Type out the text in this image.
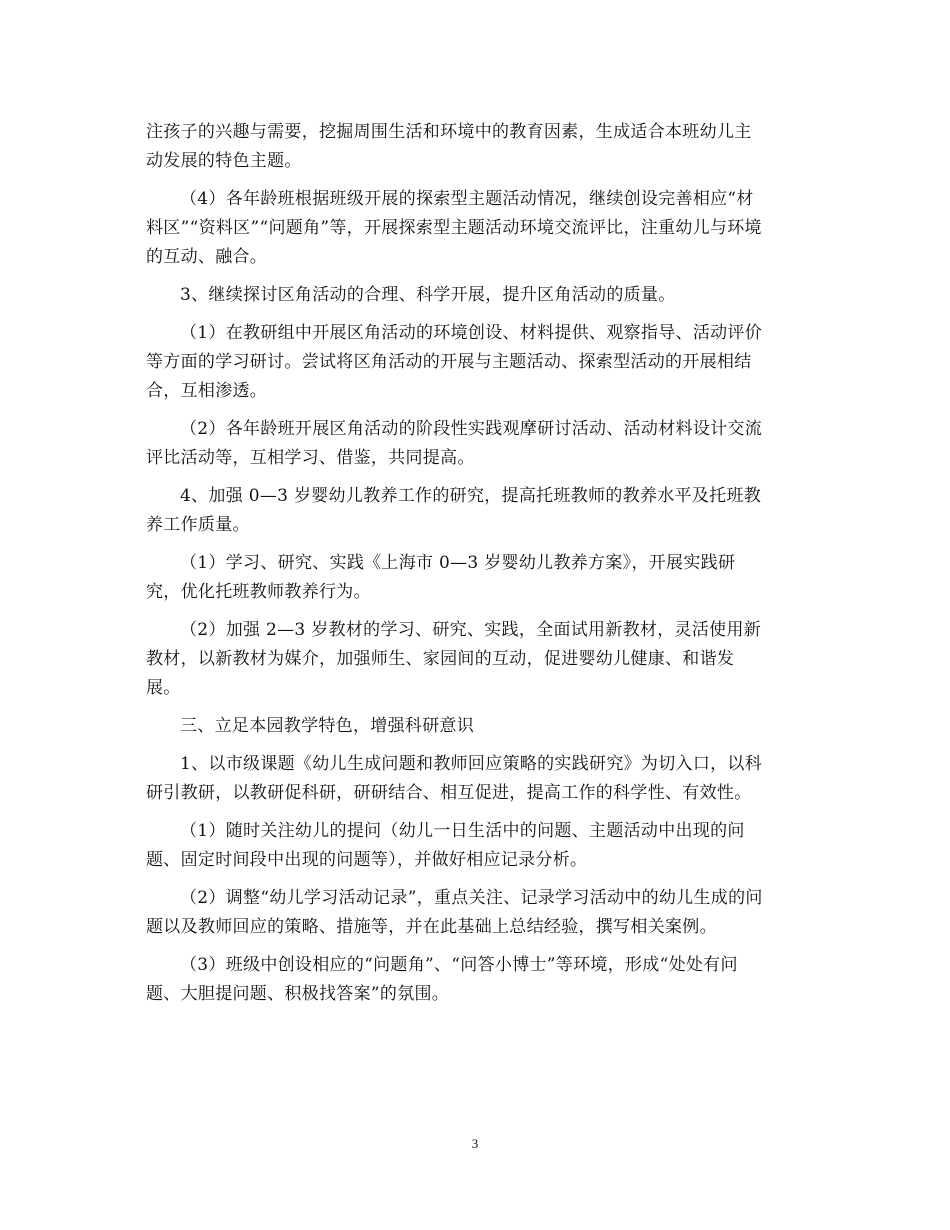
注孩子的兴趣与需要，挖掘周围生活和环境中的教育因素，生成适合本班幼儿主
动发展的特色主题。

（4）各年龄班根据班级开展的探索型主题活动情况，继续创设完善相应“材
料区”“资料区”“问题角”等，开展探索型主题活动环境交流评比，注重幼儿与环境
的互动、融合。

3、继续探讨区角活动的合理、科学开展，提升区角活动的质量。

（1）在教研组中开展区角活动的环境创设、材料提供、观察指导、活动评价
等方面的学习研讨。尝试将区角活动的开展与主题活动、探索型活动的开展相结
合，互相渗透。

（2）各年龄班开展区角活动的阶段性实践观摩研讨活动、活动材料设计交流
评比活动等，互相学习、借鉴，共同提高。

4、加强 0—3 岁婴幼儿教养工作的研究，提高托班教师的教养水平及托班教
养工作质量。

（1）学习、研究、实践《上海市 0—3 岁婴幼儿教养方案》，开展实践研
究，优化托班教师教养行为。

（2）加强 2—3 岁教材的学习、研究、实践，全面试用新教材，灵活使用新
教材，以新教材为媒介，加强师生、家园间的互动，促进婴幼儿健康、和谐发
展。

三、立足本园教学特色，增强科研意识

1、以市级课题《幼儿生成问题和教师回应策略的实践研究》为切入口，以科
研引教研，以教研促科研，研研结合、相互促进，提高工作的科学性、有效性。

（1）随时关注幼儿的提问（幼儿一日生活中的问题、主题活动中出现的问
题、固定时间段中出现的问题等），并做好相应记录分析。

（2）调整“幼儿学习活动记录”，重点关注、记录学习活动中的幼儿生成的问
题以及教师回应的策略、措施等，并在此基础上总结经验，撰写相关案例。

（3）班级中创设相应的“问题角”、“问答小博士”等环境，形成“处处有问
题、大胆提问题、积极找答案”的氛围。

3
